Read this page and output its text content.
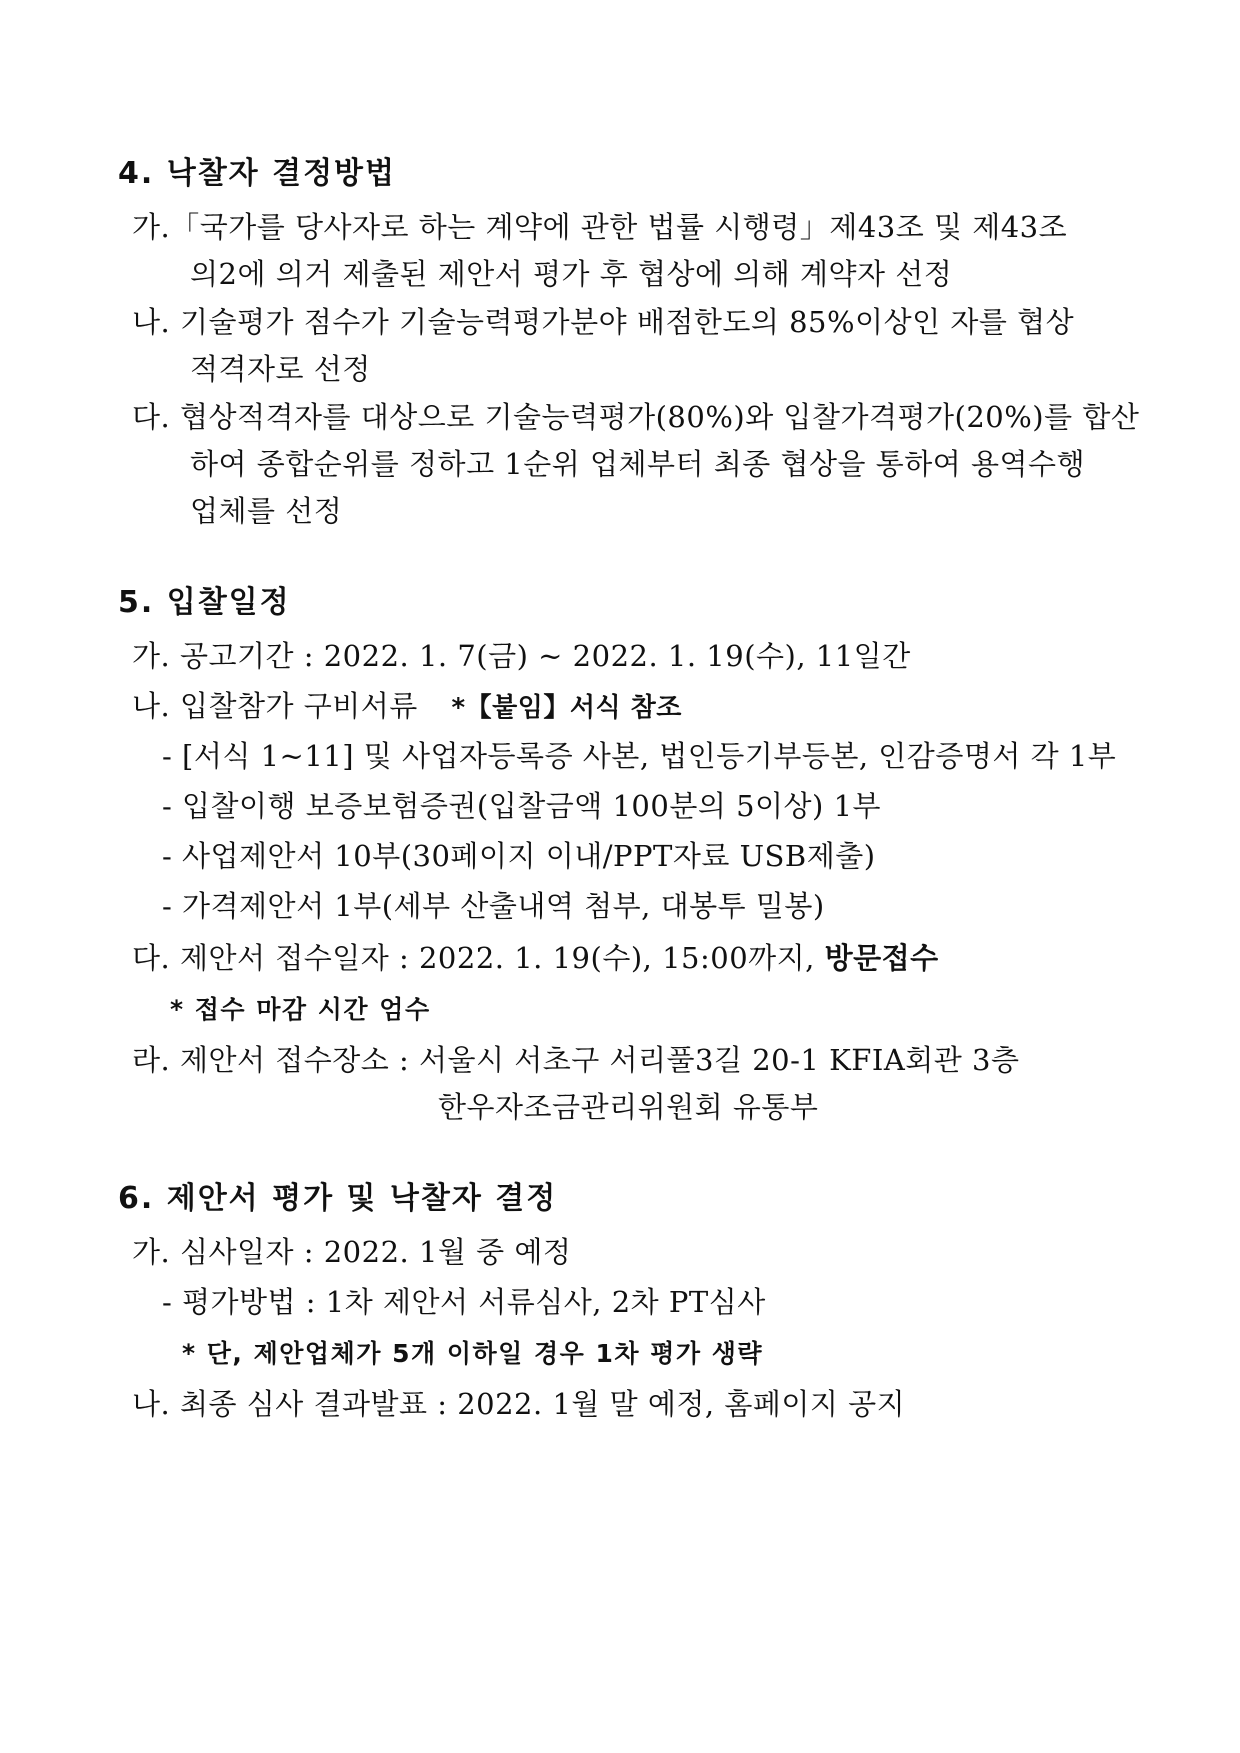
4. 낙찰자 결정방법
가.「국가를 당사자로 하는 계약에 관한 법률 시행령」제43조 및 제43조
의2에 의거 제출된 제안서 평가 후 협상에 의해 계약자 선정
나. 기술평가 점수가 기술능력평가분야 배점한도의 85%이상인 자를 협상
적격자로 선정
다. 협상적격자를 대상으로 기술능력평가(80%)와 입찰가격평가(20%)를 합산
하여 종합순위를 정하고 1순위 업체부터 최종 협상을 통하여 용역수행
업체를 선정
5. 입찰일정
가. 공고기간 : 2022. 1. 7(금) ~ 2022. 1. 19(수), 11일간
나. 입찰참가 구비서류 *【붙임】서식 참조
- [서식 1~11] 및 사업자등록증 사본, 법인등기부등본, 인감증명서 각 1부
- 입찰이행 보증보험증권(입찰금액 100분의 5이상) 1부
- 사업제안서 10부(30페이지 이내/PPT자료 USB제출)
- 가격제안서 1부(세부 산출내역 첨부, 대봉투 밀봉)
다. 제안서 접수일자 : 2022. 1. 19(수), 15:00까지, 방문접수
* 접수 마감 시간 엄수
라. 제안서 접수장소 : 서울시 서초구 서리풀3길 20-1 KFIA회관 3층
한우자조금관리위원회 유통부
6. 제안서 평가 및 낙찰자 결정
가. 심사일자 : 2022. 1월 중 예정
- 평가방법 : 1차 제안서 서류심사, 2차 PT심사
* 단, 제안업체가 5개 이하일 경우 1차 평가 생략
나. 최종 심사 결과발표 : 2022. 1월 말 예정, 홈페이지 공지
